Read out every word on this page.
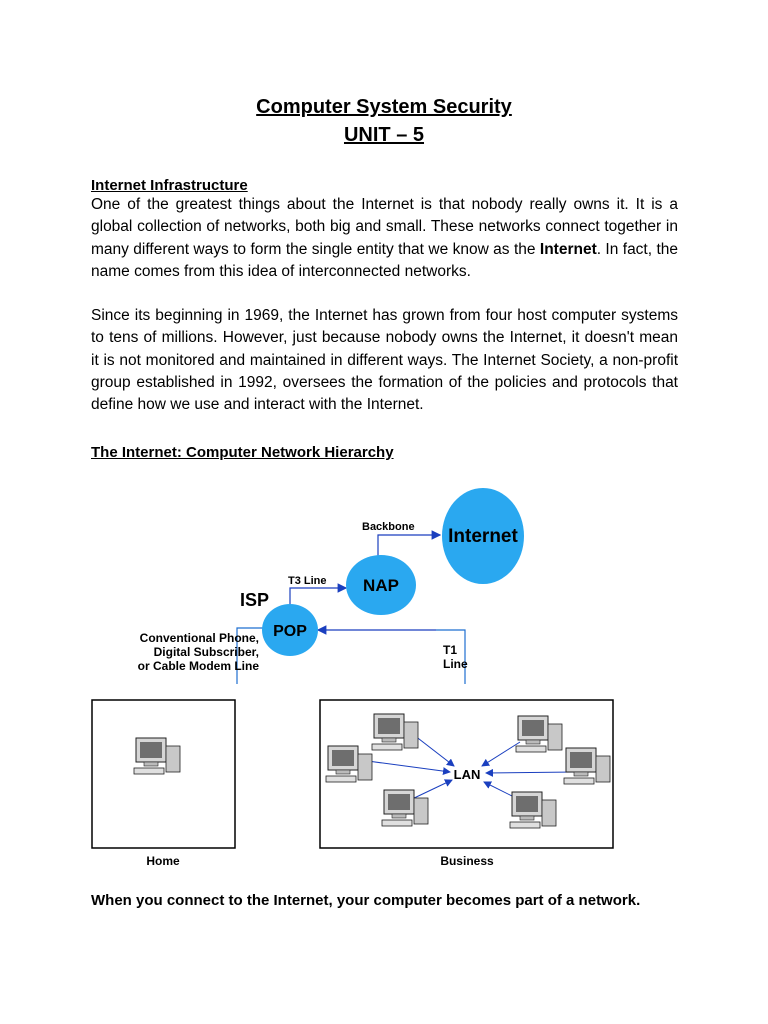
Computer System Security
UNIT – 5
Internet Infrastructure
One of the greatest things about the Internet is that nobody really owns it. It is a global collection of networks, both big and small. These networks connect together in many different ways to form the single entity that we know as the Internet. In fact, the name comes from this idea of interconnected networks.
Since its beginning in 1969, the Internet has grown from four host computer systems to tens of millions. However, just because nobody owns the Internet, it doesn't mean it is not monitored and maintained in different ways. The Internet Society, a non-profit group established in 1992, oversees the formation of the policies and protocols that define how we use and interact with the Internet.
The Internet: Computer Network Hierarchy
Internet
NAP
POP
Backbone
T3 Line
ISP
Conventional Phone,
Digital Subscriber,
or Cable Modem Line
T1
Line
Home
LAN
Business
When you connect to the Internet, your computer becomes part of a network.
